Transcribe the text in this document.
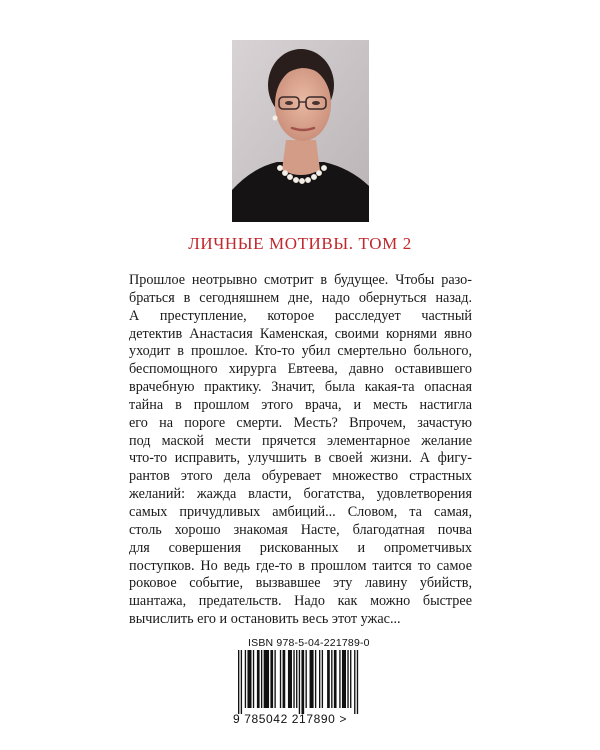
ЛИЧНЫЕ МОТИВЫ. ТОМ 2
Прошлое неотрывно смотрит в будущее. Чтобы разо-
браться в сегодняшнем дне, надо обернуться назад.
А преступление, которое расследует частный
детектив Анастасия Каменская, своими корнями явно
уходит в прошлое. Кто-то убил смертельно больного,
беспомощного хирурга Евтеева, давно оставившего
врачебную практику. Значит, была какая-та опасная
тайна в прошлом этого врача, и месть настигла
его на пороге смерти. Месть? Впрочем, зачастую
под маской мести прячется элементарное желание
что-то исправить, улучшить в своей жизни. А фигу-
рантов этого дела обуревает множество страстных
желаний: жажда власти, богатства, удовлетворения
самых причудливых амбиций... Словом, та самая,
столь хорошо знакомая Насте, благодатная почва
для совершения рискованных и опрометчивых
поступков. Но ведь где-то в прошлом таится то самое
роковое событие, вызвавшее эту лавину убийств,
шантажа, предательств. Надо как можно быстрее
вычислить его и остановить весь этот ужас...
ISBN 978-5-04-221789-0
9 785042 217890 >
